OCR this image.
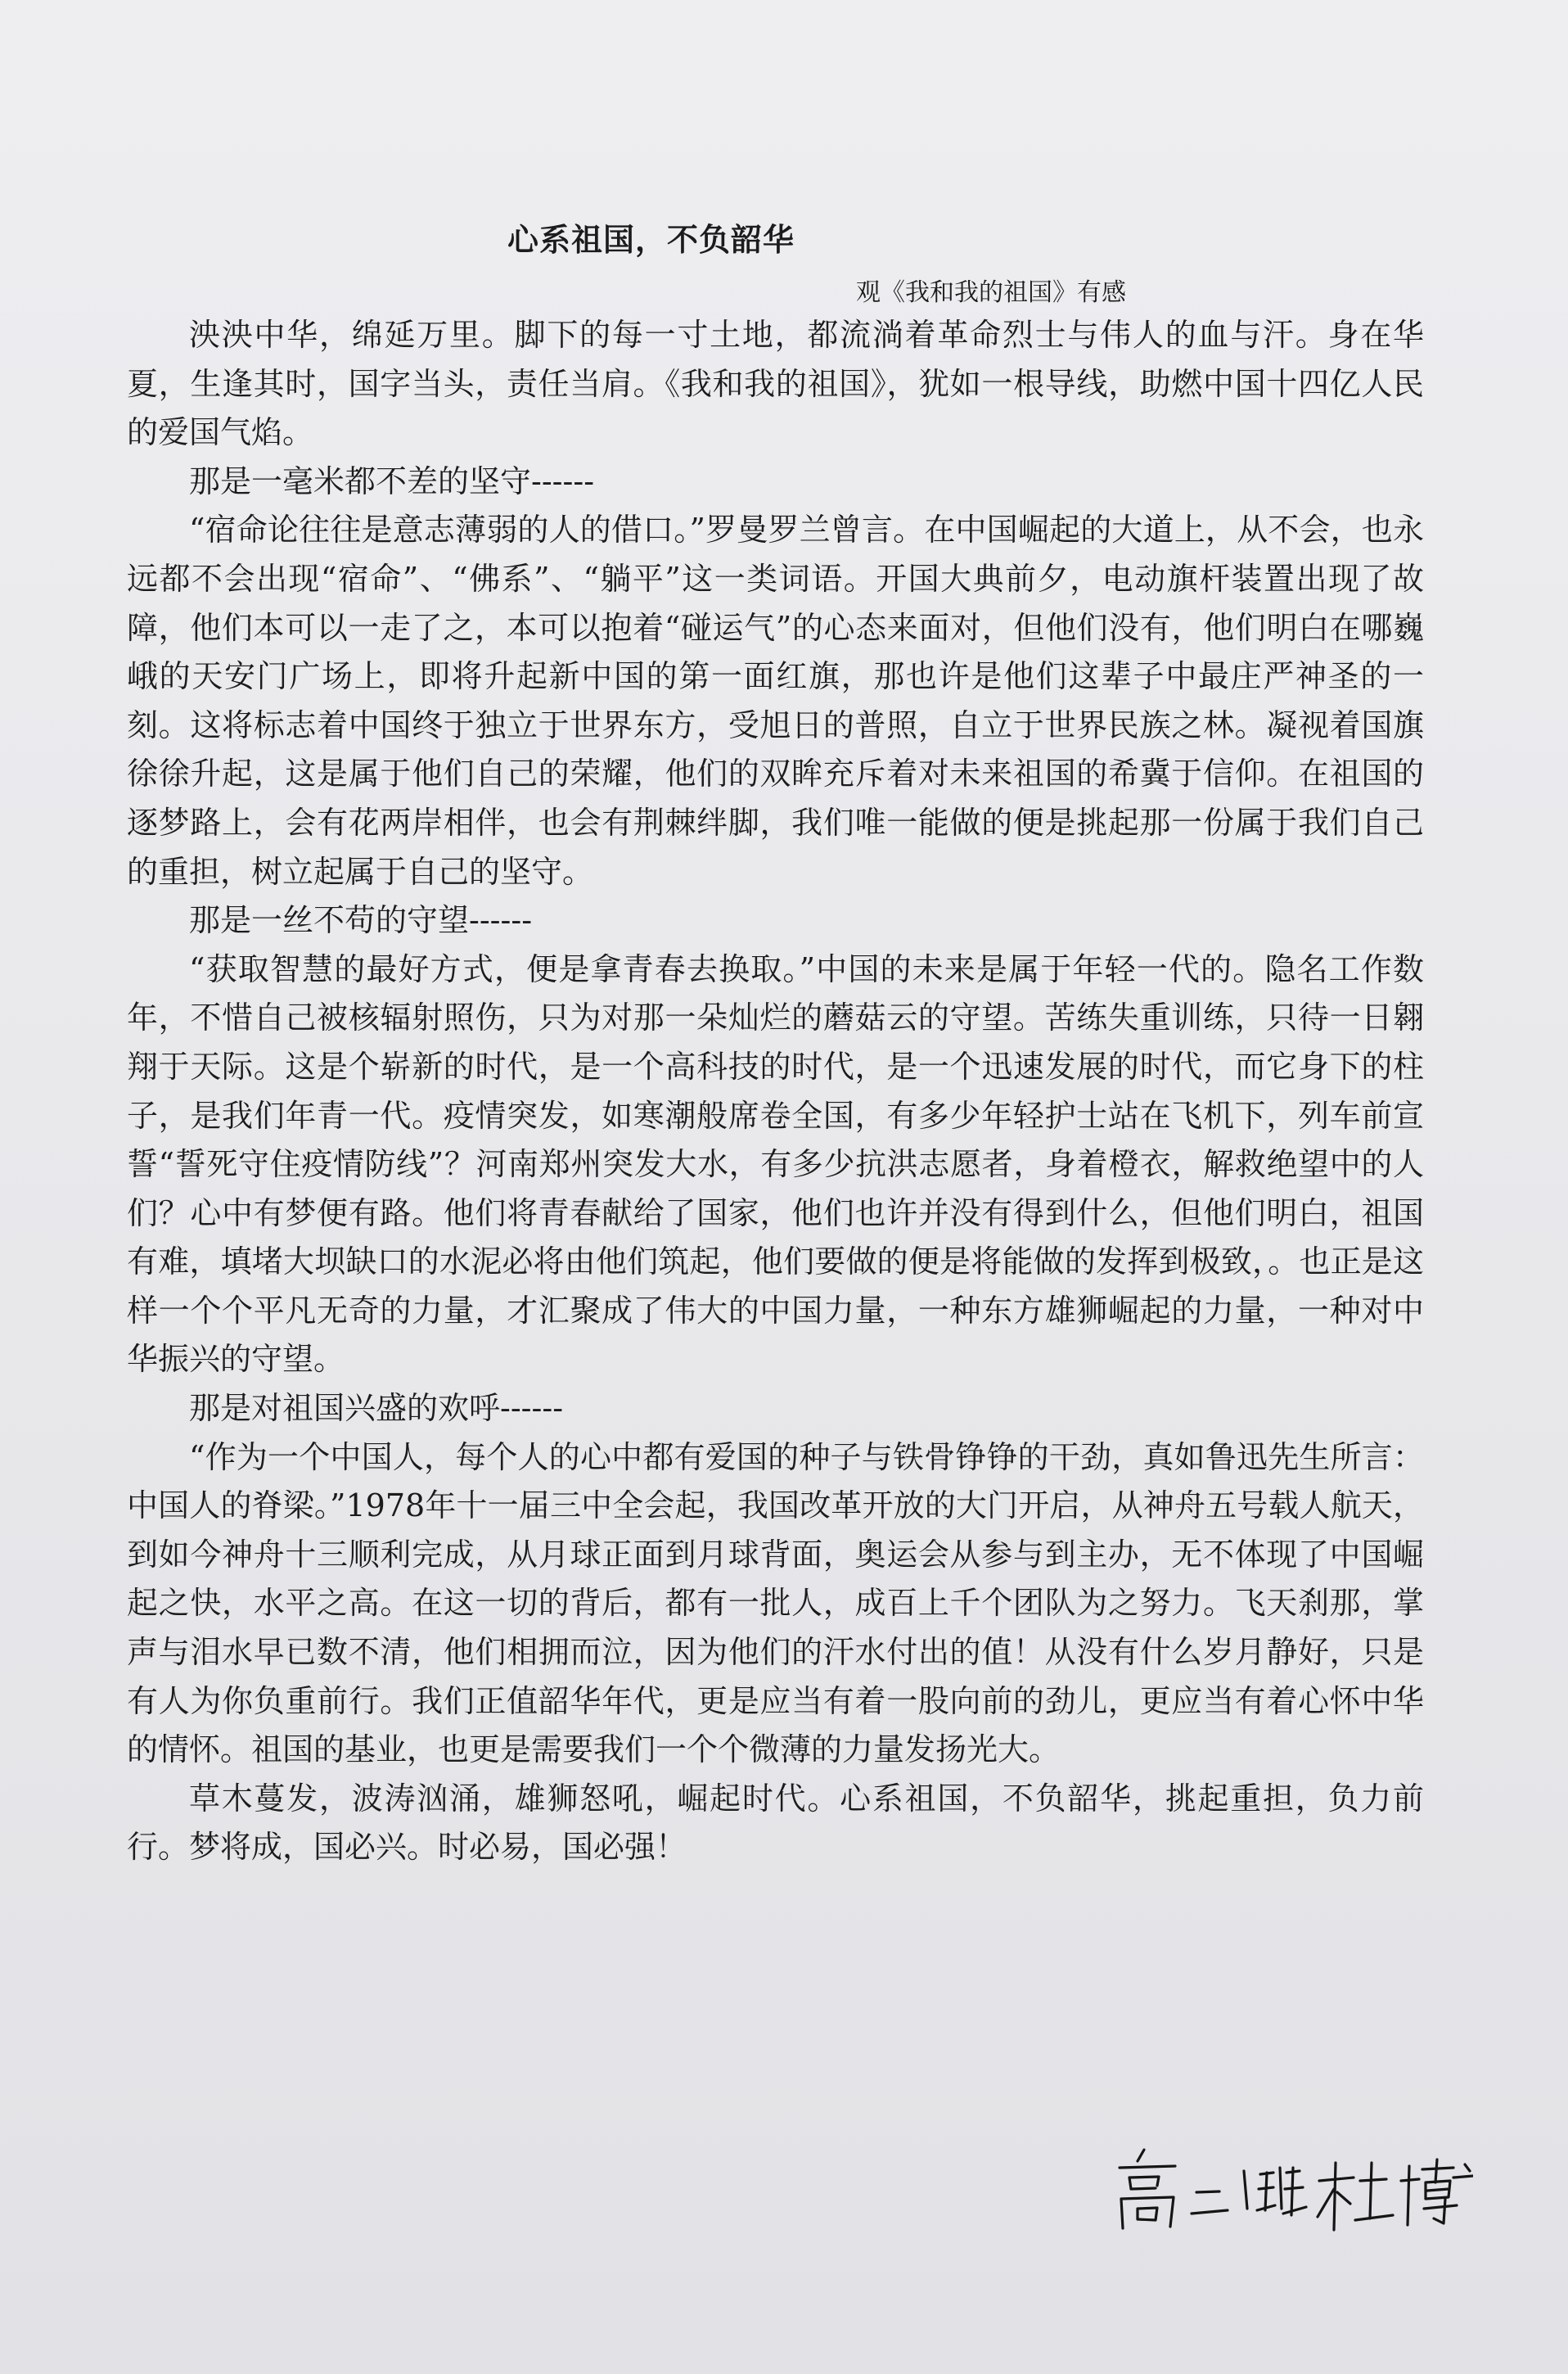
心系祖国，不负韶华

观《我和我的祖国》有感

泱泱中华，绵延万里。脚下的每一寸土地，都流淌着革命烈士与伟人的血与汗。身在华夏，生逢其时，国字当头，责任当肩。《我和我的祖国》，犹如一根导线，助燃中国十四亿人民的爱国气焰。

那是一毫米都不差的坚守------

“宿命论往往是意志薄弱的人的借口。”罗曼罗兰曾言。在中国崛起的大道上，从不会，也永远都不会出现“宿命”、“佛系”、“躺平”这一类词语。开国大典前夕，电动旗杆装置出现了故障，他们本可以一走了之，本可以抱着“碰运气”的心态来面对，但他们没有，他们明白在哪巍峨的天安门广场上，即将升起新中国的第一面红旗，那也许是他们这辈子中最庄严神圣的一刻。这将标志着中国终于独立于世界东方，受旭日的普照，自立于世界民族之林。凝视着国旗徐徐升起，这是属于他们自己的荣耀，他们的双眸充斥着对未来祖国的希冀于信仰。在祖国的逐梦路上，会有花两岸相伴，也会有荆棘绊脚，我们唯一能做的便是挑起那一份属于我们自己的重担，树立起属于自己的坚守。

那是一丝不苟的守望------

“获取智慧的最好方式，便是拿青春去换取。”中国的未来是属于年轻一代的。隐名工作数年，不惜自己被核辐射照伤，只为对那一朵灿烂的蘑菇云的守望。苦练失重训练，只待一日翱翔于天际。这是个崭新的时代，是一个高科技的时代，是一个迅速发展的时代，而它身下的柱子，是我们年青一代。疫情突发，如寒潮般席卷全国，有多少年轻护士站在飞机下，列车前宣誓“誓死守住疫情防线”？河南郑州突发大水，有多少抗洪志愿者，身着橙衣，解救绝望中的人们？心中有梦便有路。他们将青春献给了国家，他们也许并没有得到什么，但他们明白，祖国有难，填堵大坝缺口的水泥必将由他们筑起，他们要做的便是将能做的发挥到极致，。也正是这样一个个平凡无奇的力量，才汇聚成了伟大的中国力量，一种东方雄狮崛起的力量，一种对中华振兴的守望。

那是对祖国兴盛的欢呼------

“作为一个中国人，每个人的心中都有爱国的种子与铁骨铮铮的干劲，真如鲁迅先生所言：中国人的脊梁。”1978年十一届三中全会起，我国改革开放的大门开启，从神舟五号载人航天，到如今神舟十三顺利完成，从月球正面到月球背面，奥运会从参与到主办，无不体现了中国崛起之快，水平之高。在这一切的背后，都有一批人，成百上千个团队为之努力。飞天刹那，掌声与泪水早已数不清，他们相拥而泣，因为他们的汗水付出的值！从没有什么岁月静好，只是有人为你负重前行。我们正值韶华年代，更是应当有着一股向前的劲儿，更应当有着心怀中华的情怀。祖国的基业，也更是需要我们一个个微薄的力量发扬光大。

草木蔓发，波涛汹涌，雄狮怒吼，崛起时代。心系祖国，不负韶华，挑起重担，负力前行。梦将成，国必兴。时必易，国必强！
